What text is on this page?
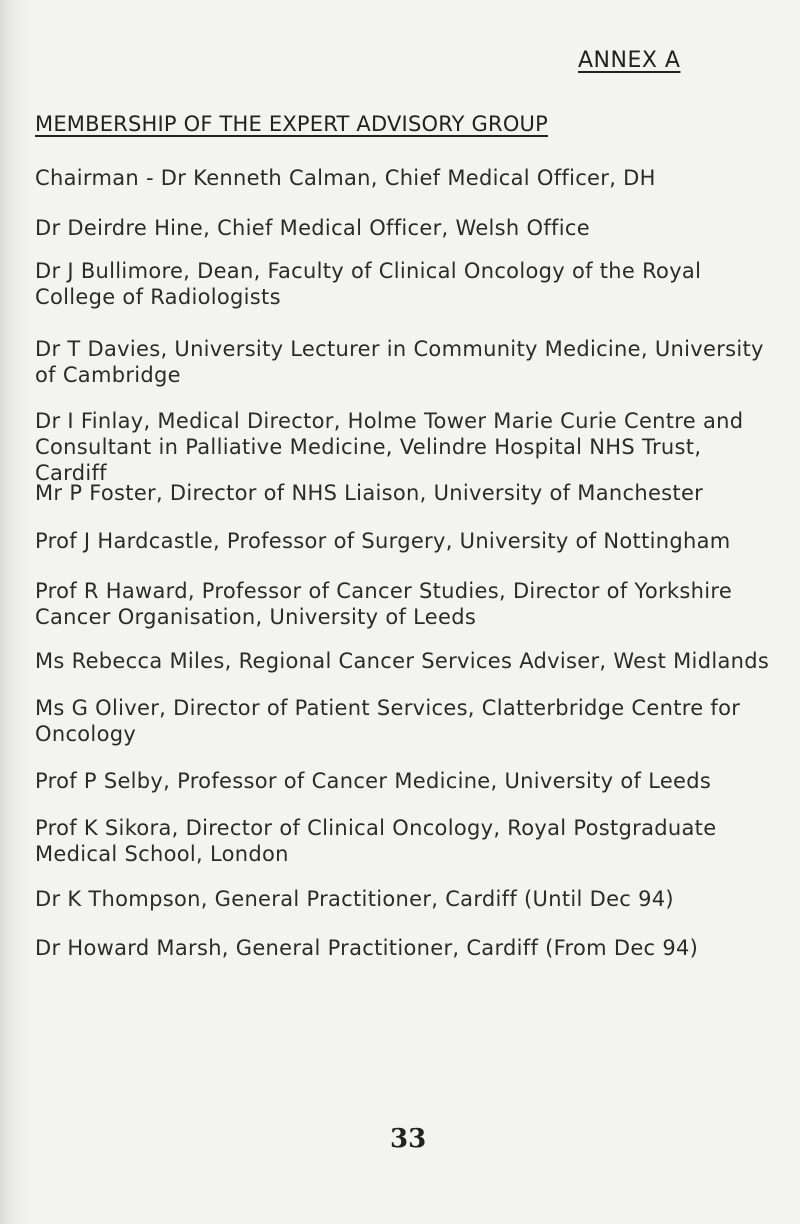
ANNEX A
MEMBERSHIP OF THE EXPERT ADVISORY GROUP
Chairman - Dr Kenneth Calman, Chief Medical Officer, DH
Dr Deirdre Hine, Chief Medical Officer, Welsh Office
Dr J Bullimore, Dean, Faculty of Clinical Oncology of the Royal College of Radiologists
Dr T Davies, University Lecturer in Community Medicine, University of Cambridge
Dr I Finlay, Medical Director, Holme Tower Marie Curie Centre and Consultant in Palliative Medicine, Velindre Hospital NHS Trust, Cardiff
Mr P Foster, Director of NHS Liaison, University of Manchester
Prof J Hardcastle, Professor of Surgery, University of Nottingham
Prof R Haward, Professor of Cancer Studies, Director of Yorkshire Cancer Organisation, University of Leeds
Ms Rebecca Miles, Regional Cancer Services Adviser, West Midlands
Ms G Oliver, Director of Patient Services, Clatterbridge Centre for Oncology
Prof P Selby, Professor of Cancer Medicine, University of Leeds
Prof K Sikora, Director of Clinical Oncology, Royal Postgraduate Medical School, London
Dr K Thompson, General Practitioner, Cardiff (Until Dec 94)
Dr Howard Marsh, General Practitioner, Cardiff (From Dec 94)
33
